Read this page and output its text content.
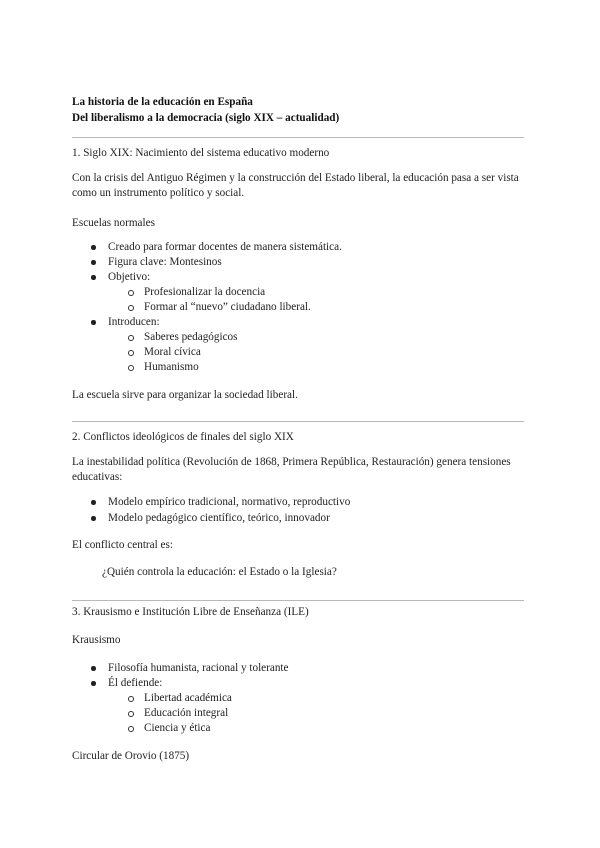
La historia de la educación en España
Del liberalismo a la democracia (siglo XIX – actualidad)
1. Siglo XIX: Nacimiento del sistema educativo moderno
Con la crisis del Antiguo Régimen y la construcción del Estado liberal, la educación pasa a ser vista
como un instrumento político y social.
Escuelas normales
Creado para formar docentes de manera sistemática.
Figura clave: Montesinos
Objetivo:
Profesionalizar la docencia
Formar al “nuevo” ciudadano liberal.
Introducen:
Saberes pedagógicos
Moral cívica
Humanismo
La escuela sirve para organizar la sociedad liberal.
2. Conflictos ideológicos de finales del siglo XIX
La inestabilidad política (Revolución de 1868, Primera República, Restauración) genera tensiones
educativas:
Modelo empírico tradicional, normativo, reproductivo
Modelo pedagógico científico, teórico, innovador
El conflicto central es:
¿Quién controla la educación: el Estado o la Iglesia?
3. Krausismo e Institución Libre de Enseñanza (ILE)
Krausismo
Filosofía humanista, racional y tolerante
Él defiende:
Libertad académica
Educación integral
Ciencia y ética
Circular de Orovio (1875)
